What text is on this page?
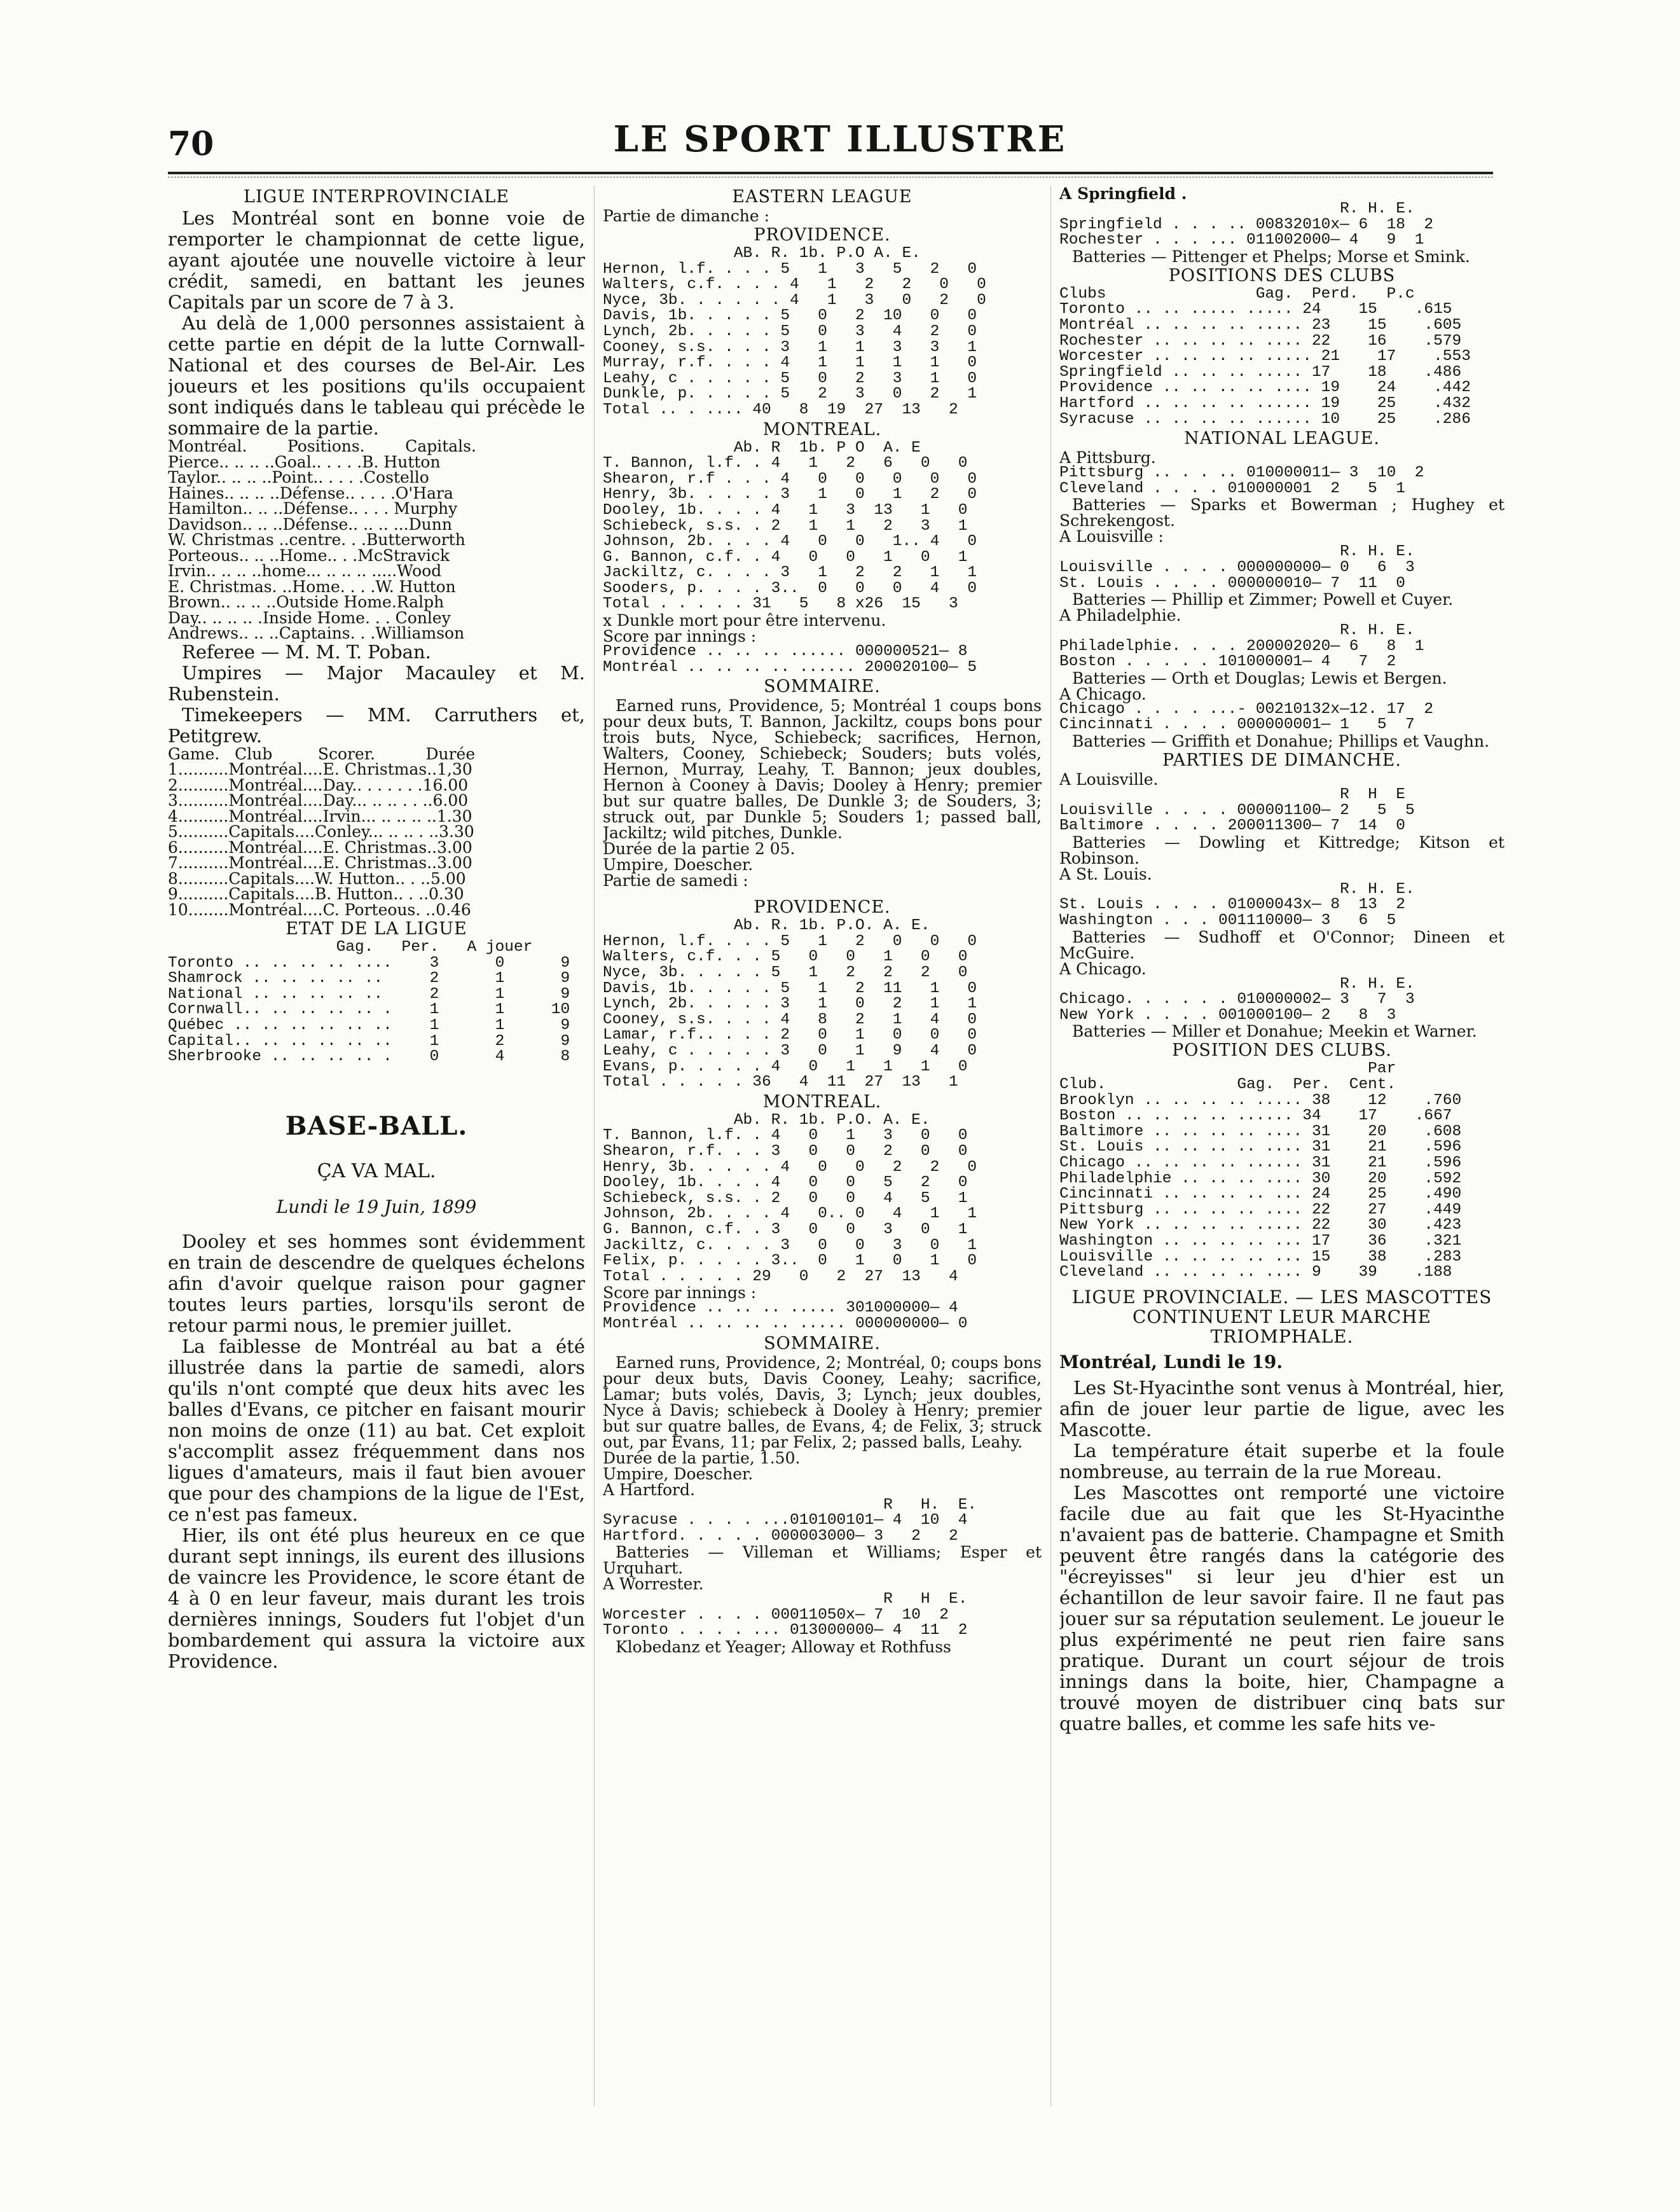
70	LE SPORT ILLUSTRE
LIGUE INTERPROVINCIALE

Les Montréal sont en bonne voie de remporter le championnat de cette ligue, ayant ajoutée une nouvelle victoire à leur crédit, samedi, en battant les jeunes Capitals par un score de 7 à 3.

Au delà de 1,000 personnes assistaient à cette partie en dépit de la lutte Cornwall-National et des courses de Bel-Air. Les joueurs et les positions qu'ils occupaient sont indiqués dans le tableau qui précède le sommaire de la partie.

Montréal.        Positions.        Capitals.
Pierce.. .. .. ..Goal.. . . . .B. Hutton
Taylor.. .. .. ..Point.. . . . .Costello
Haines.. .. .. ..Défense.. . . . .O'Hara
Hamilton.. .. ..Défense.. . . . Murphy
Davidson.. .. ..Défense.. .. .. ...Dunn
W. Christmas ..centre. . .Butterworth
Porteous.. .. ..Home.. . .McStravick
Irvin.. .. .. ..home... .. .. .. .....Wood
E. Christmas. ..Home. . . .W. Hutton
Brown.. .. .. ..Outside Home.Ralph
Day.. .. .. .. .Inside Home. . . Conley
Andrews.. .. ..Captains. . .Williamson

Referee — M. M. T. Poban.

Umpires — Major Macauley et M. Rubenstein.

Timekeepers — MM. Carruthers et, Petitgrew.

Game.   Club         Scorer.          Durée
1..........Montréal....E. Christmas..1,30
2..........Montréal....Day.. . . . . . .16.00
3..........Montréal....Day... .. .. . . ..6.00
4..........Montréal....Irvin... .. .. .. ..1.30
5..........Capitals....Conley... .. .. . ..3.30
6..........Montréal....E. Christmas..3.00
7..........Montréal....E. Christmas..3.00
8..........Capitals....W. Hutton.. . ..5.00
9..........Capitals....B. Hutton.. . ..0.30
10........Montréal....C. Porteous. ..0.46
ETAT DE LA LIGUE
Gag.   Per.   A jouer
Toronto .. .. .. .. ....    3      0      9
Shamrock .. .. .. .. ..     2      1      9
National .. .. .. .. ..     2      1      9
Cornwall.. .. .. .. .. .    1      1     10
Québec .. .. .. .. .. ..    1      1      9
Capital.. .. .. .. .. ..    1      2      9
Sherbrooke .. .. .. .. .    0      4      8
BASE-BALL.
ÇA VA MAL.
Lundi le 19 Juin, 1899

Dooley et ses hommes sont évidemment en train de descendre de quelques échelons afin d'avoir quelque raison pour gagner toutes leurs parties, lorsqu'ils seront de retour parmi nous, le premier juillet.

La faiblesse de Montréal au bat a été illustrée dans la partie de samedi, alors qu'ils n'ont compté que deux hits avec les balles d'Evans, ce pitcher en faisant mourir non moins de onze (11) au bat. Cet exploit s'accomplit assez fréquemment dans nos ligues d'amateurs, mais il faut bien avouer que pour des champions de la ligue de l'Est, ce n'est pas fameux.

Hier, ils ont été plus heureux en ce que durant sept innings, ils eurent des illusions de vaincre les Providence, le score étant de 4 à 0 en leur faveur, mais durant les trois dernières innings, Souders fut l'objet d'un bombardement qui assura la victoire aux Providence.

EASTERN LEAGUE
Partie de dimanche :
PROVIDENCE.
AB. R. 1b. P.O A. E.
Hernon, l.f. . . . 5   1   3   5   2   0
Walters, c.f. . . . 4   1   2   2   0   0
Nyce, 3b. . . . . . 4   1   3   0   2   0
Davis, 1b. . . . . 5   0   2  10   0   0
Lynch, 2b. . . . . 5   0   3   4   2   0
Cooney, s.s. . . . 3   1   1   3   3   1
Murray, r.f. . . . 4   1   1   1   1   0
Leahy, c . . . . . 5   0   2   3   1   0
Dunkle, p. . . . . 5   2   3   0   2   1
Total .. . .... 40   8  19  27  13   2
MONTREAL.
Ab. R  1b. P O  A. E
T. Bannon, l.f. . 4   1   2   6   0   0
Shearon, r.f . . . 4   0   0   0   0   0
Henry, 3b. . . . . 3   1   0   1   2   0
Dooley, 1b. . . . 4   1   3  13   1   0
Schiebeck, s.s. . 2   1   1   2   3   1
Johnson, 2b. . . . 4   0   0   1.. 4   0
G. Bannon, c.f. . 4   0   0   1   0   1
Jackiltz, c. . . . 3   1   2   2   1   1
Sooders, p. . . . 3..  0   0   0   4   0
Total . . . . . 31   5   8 x26  15   3
x Dunkle mort pour être intervenu.
Score par innings :
Providence .. .. .. ...... 000000521— 8
Montréal .. .. .. .. ...... 200020100— 5
SOMMAIRE.

Earned runs, Providence, 5; Montréal 1 coups bons pour deux buts, T. Bannon, Jackiltz, coups bons pour trois buts, Nyce, Schiebeck; sacrifices, Hernon, Walters, Cooney, Schiebeck; Souders; buts volés, Hernon, Murray, Leahy, T. Bannon; jeux doubles, Hernon à Cooney à Davis; Dooley à Henry; premier but sur quatre balles, De Dunkle 3; de Souders, 3; struck out, par Dunkle 5; Souders 1; passed ball, Jackiltz; wild pitches, Dunkle.

Durée de la partie 2 05.
Umpire, Doescher.
Partie de samedi :
PROVIDENCE.
Ab. R. 1b. P.O. A. E.
Hernon, l.f. . . . 5   1   2   0   0   0
Walters, c.f. . . 5   0   0   1   0   0
Nyce, 3b. . . . . 5   1   2   2   2   0
Davis, 1b. . . . . 5   1   2  11   1   0
Lynch, 2b. . . . . 3   1   0   2   1   1
Cooney, s.s. . . . 4   8   2   1   4   0
Lamar, r.f.. . . . 2   0   1   0   0   0
Leahy, c . . . . . 3   0   1   9   4   0
Evans, p. . . . . 4   0   1   1   1   0
Total . . . . . 36   4  11  27  13   1
MONTREAL.
Ab. R. 1b. P.O. A. E.
T. Bannon, l.f. . 4   0   1   3   0   0
Shearon, r.f. . . 3   0   0   2   0   0
Henry, 3b. . . . . 4   0   0   2   2   0
Dooley, 1b. . . . 4   0   0   5   2   0
Schiebeck, s.s. . 2   0   0   4   5   1
Johnson, 2b. . . . 4   0.. 0   4   1   1
G. Bannon, c.f. . 3   0   0   3   0   1
Jackiltz, c. . . . 3   0   0   3   0   1
Felix, p. . . . . 3..  0   1   0   1   0
Total . . . . . 29   0   2  27  13   4
Score par innings :
Providence .. .. .. ..... 301000000— 4
Montréal .. .. .. .. ..... 000000000— 0
SOMMAIRE.

Earned runs, Providence, 2; Montréal, 0; coups bons pour deux buts, Davis Cooney, Leahy; sacrifice, Lamar; buts volés, Davis, 3; Lynch; jeux doubles, Nyce à Davis; schiebeck à Dooley à Henry; premier but sur quatre balles, de Evans, 4; de Felix, 3; struck out, par Evans, 11; par Felix, 2; passed balls, Leahy.

Durée de la partie, 1.50.
Umpire, Doescher.
A Hartford.
R   H.  E.
Syracuse . . . . ...010100101— 4  10  4
Hartford. . . . . 000003000— 3   2   2

Batteries — Villeman et Williams; Esper et Urquhart.

A Worrester.
R   H  E.
Worcester . . . . 00011050x— 7  10  2
Toronto . . . . ... 013000000— 4  11  2

Klobedanz et Yeager; Alloway et Rothfuss

A Springfield .
R. H. E.
Springfield . . . .. 00832010x— 6  18  2
Rochester . . . ... 011002000— 4   9  1

Batteries — Pittenger et Phelps; Morse et Smink.

POSITIONS DES CLUBS
Clubs                Gag.  Perd.   P.c
Toronto .. .. ..... ..... 24    15    .615
Montréal .. .. .. .. ..... 23    15    .605
Rochester .. .. .. .. .... 22    16    .579
Worcester .. .. .. .. ..... 21    17    .553
Springfield .. .. .. ..... 17    18    .486
Providence .. .. .. .. .... 19    24    .442
Hartford .. .. .. .. ...... 19    25    .432
Syracuse .. .. .. .. ...... 10    25    .286
NATIONAL LEAGUE.
A Pittsburg.
Pittsburg .. . . .. 010000011— 3  10  2
Cleveland . . . . 010000001  2   5  1

Batteries — Sparks et Bowerman ; Hughey et Schrekengost.

A Louisville :
R. H. E.
Louisville . . . . 000000000— 0   6  3
St. Louis . . . . 000000010— 7  11  0

Batteries — Phillip et Zimmer; Powell et Cuyer.

A Philadelphie.
R. H. E.
Philadelphie. . . . 200002020— 6   8  1
Boston . . . . . 101000001— 4   7  2

Batteries — Orth et Douglas; Lewis et Bergen.

A Chicago.
Chicago . . . . ...- 00210132x—12. 17  2
Cincinnati . . . . 000000001— 1   5  7

Batteries — Griffith et Donahue; Phillips et Vaughn.

PARTIES DE DIMANCHE.
A Louisville.
R  H  E
Louisville . . . . 000001100— 2   5  5
Baltimore . . . . 200011300— 7  14  0

Batteries — Dowling et Kittredge; Kitson et Robinson.

A St. Louis.
R. H. E.
St. Louis . . . . 01000043x— 8  13  2
Washington . . . 001110000— 3   6  5

Batteries — Sudhoff et O'Connor; Dineen et McGuire.

A Chicago.
R. H. E.
Chicago. . . . . . 010000002— 3   7  3
New York . . . . 001000100— 2   8  3

Batteries — Miller et Donahue; Meekin et Warner.

POSITION DES CLUBS.
Par
Club.              Gag.  Per.  Cent.
Brooklyn .. .. .. .. ..... 38    12    .760
Boston .. .. .. .. ...... 34    17    .667
Baltimore .. .. .. .. .... 31    20    .608
St. Louis .. .. .. .. .... 31    21    .596
Chicago .. .. .. .. ...... 31    21    .596
Philadelphie .. .. .. .... 30    20    .592
Cincinnati .. .. .. .. ... 24    25    .490
Pittsburg .. .. .. .. .... 22    27    .449
New York .. .. .. .. ..... 22    30    .423
Washington .. .. .. .. ... 17    36    .321
Louisville .. .. .. .. ... 15    38    .283
Cleveland .. .. .. .. .... 9    39    .188
LIGUE PROVINCIALE. — LES MASCOTTES CONTINUENT LEUR MARCHE TRIOMPHALE.
Montréal, Lundi le 19.

Les St-Hyacinthe sont venus à Montréal, hier, afin de jouer leur partie de ligue, avec les Mascotte.

La température était superbe et la foule nombreuse, au terrain de la rue Moreau.

Les Mascottes ont remporté une victoire facile due au fait que les St-Hyacinthe n'avaient pas de batterie. Champagne et Smith peuvent être rangés dans la catégorie des "écreyisses" si leur jeu d'hier est un échantillon de leur savoir faire. Il ne faut pas jouer sur sa réputation seulement. Le joueur le plus expérimenté ne peut rien faire sans pratique. Durant un court séjour de trois innings dans la boite, hier, Champagne a trouvé moyen de distribuer cinq bats sur quatre balles, et comme les safe hits ve-
